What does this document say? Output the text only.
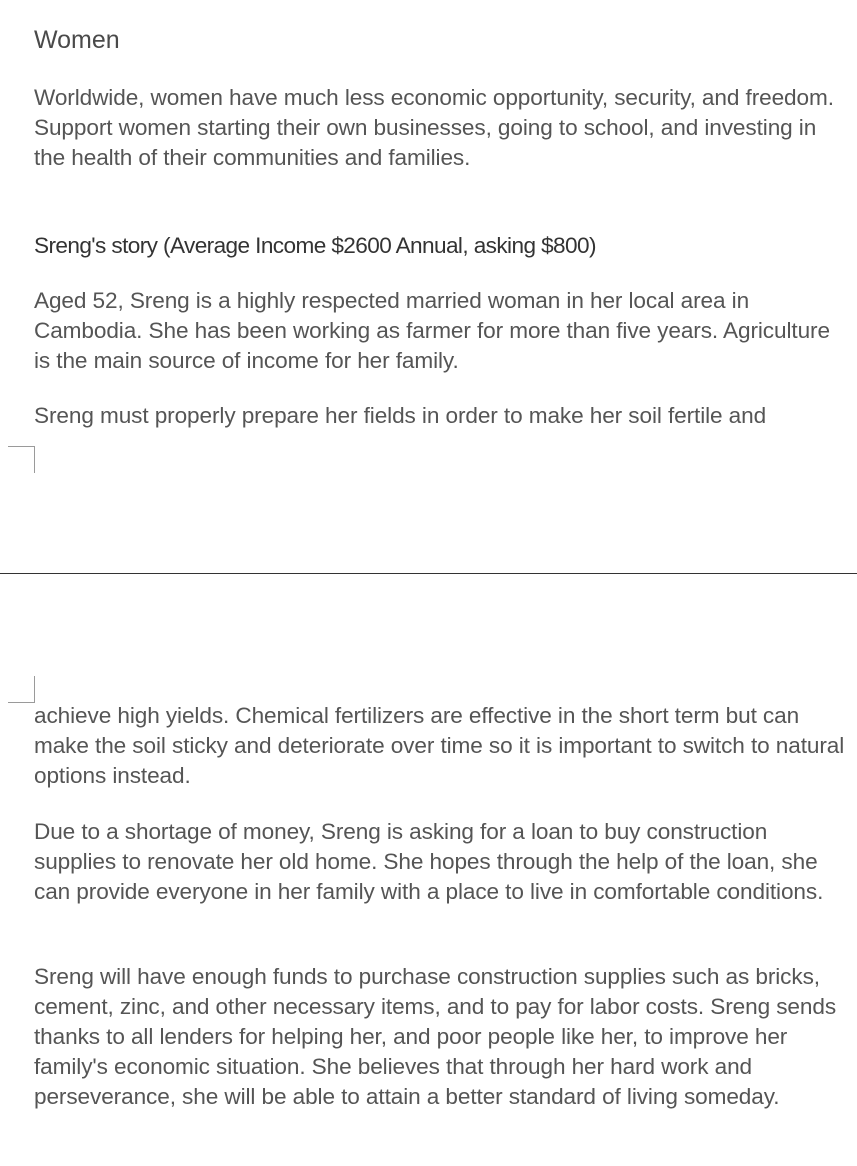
Women

Worldwide, women have much less economic opportunity, security, and freedom. Support women starting their own businesses, going to school, and investing in the health of their communities and families.

Sreng's story (Average Income $2600 Annual, asking $800)

Aged 52, Sreng is a highly respected married woman in her local area in Cambodia. She has been working as farmer for more than five years. Agriculture is the main source of income for her family.

Sreng must properly prepare her fields in order to make her soil fertile and

achieve high yields. Chemical fertilizers are effective in the short term but can make the soil sticky and deteriorate over time so it is important to switch to natural options instead.

Due to a shortage of money, Sreng is asking for a loan to buy construction supplies to renovate her old home. She hopes through the help of the loan, she can provide everyone in her family with a place to live in comfortable conditions.

Sreng will have enough funds to purchase construction supplies such as bricks, cement, zinc, and other necessary items, and to pay for labor costs. Sreng sends thanks to all lenders for helping her, and poor people like her, to improve her family's economic situation. She believes that through her hard work and perseverance, she will be able to attain a better standard of living someday.
